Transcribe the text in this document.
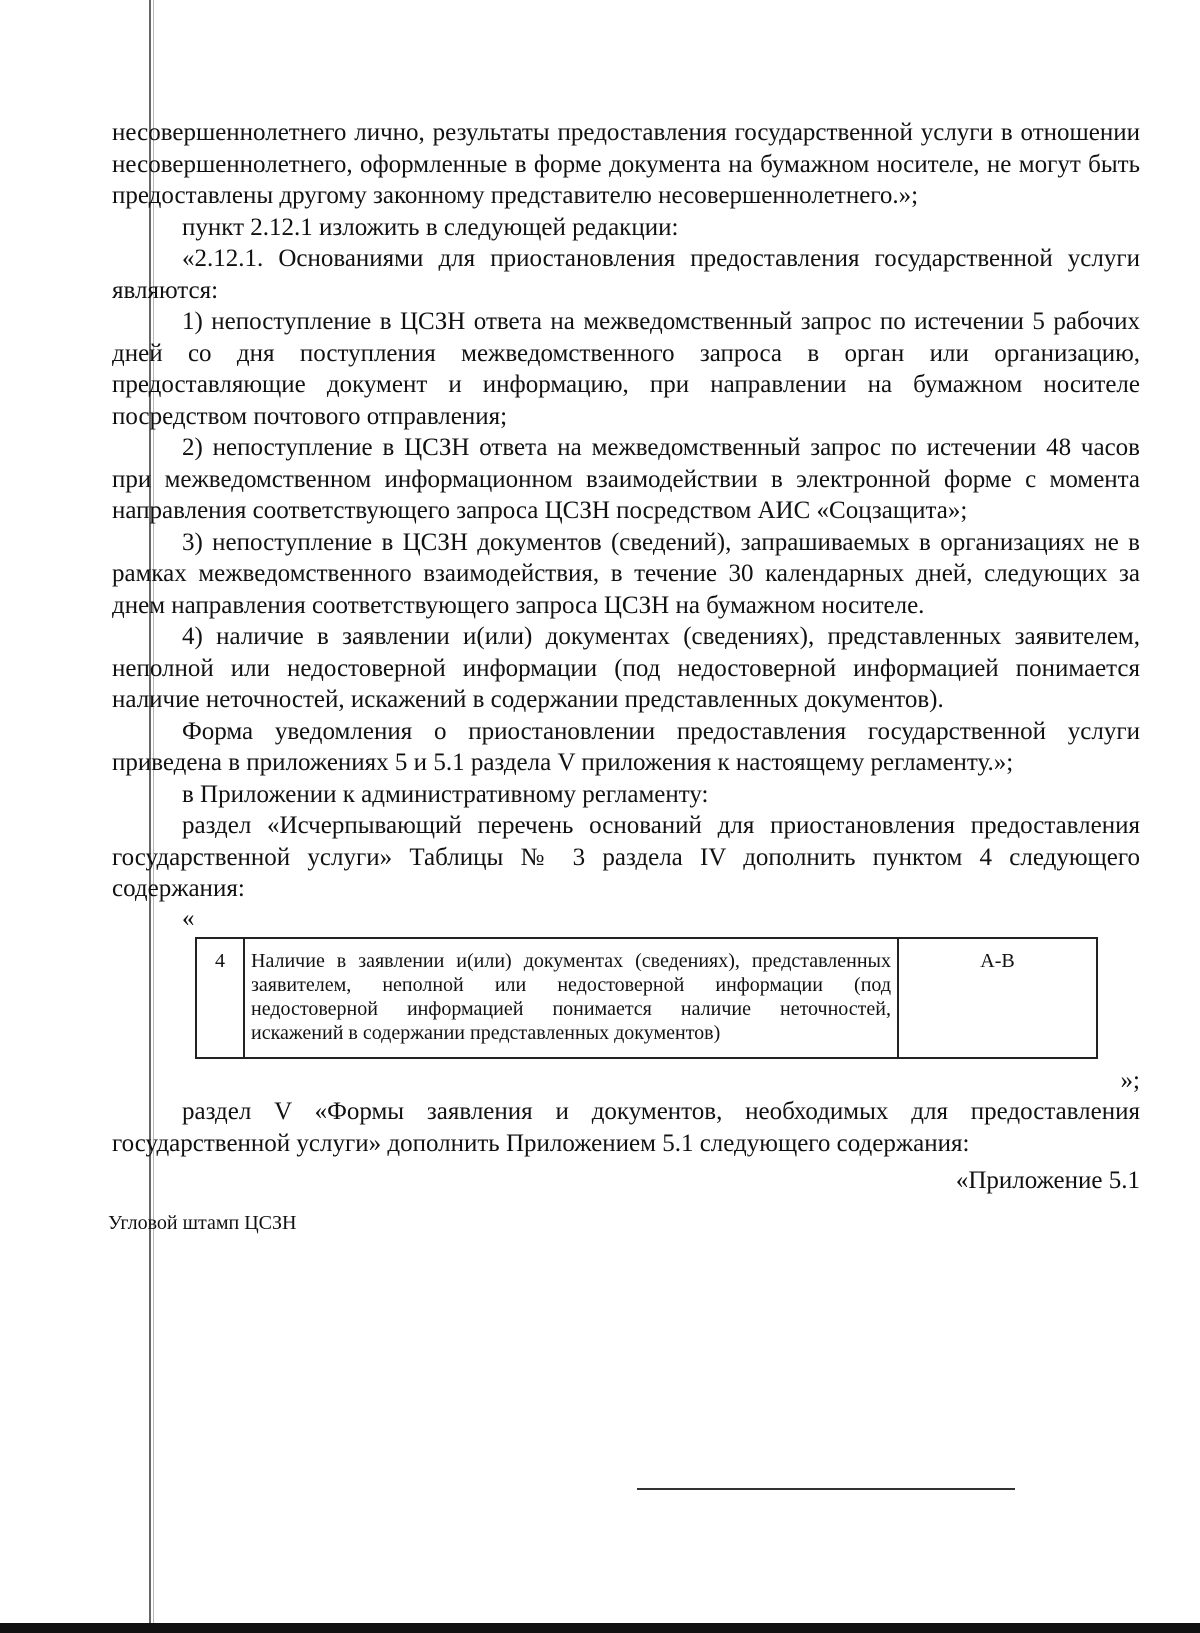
несовершеннолетнего лично, результаты предоставления государственной услуги в отношении несовершеннолетнего, оформленные в форме документа на бумажном носителе, не могут быть предоставлены другому законному представителю несовершеннолетнего.»;

пункт 2.12.1 изложить в следующей редакции:

«2.12.1. Основаниями для приостановления предоставления государственной услуги являются:

1) непоступление в ЦСЗН ответа на межведомственный запрос по истечении 5 рабочих дней со дня поступления межведомственного запроса в орган или организацию, предоставляющие документ и информацию, при направлении на бумажном носителе посредством почтового отправления;

2) непоступление в ЦСЗН ответа на межведомственный запрос по истечении 48 часов при межведомственном информационном взаимодействии в электронной форме с момента направления соответствующего запроса ЦСЗН посредством АИС «Соцзащита»;

3) непоступление в ЦСЗН документов (сведений), запрашиваемых в организациях не в рамках межведомственного взаимодействия, в течение 30 календарных дней, следующих за днем направления соответствующего запроса ЦСЗН на бумажном носителе.

4) наличие в заявлении и(или) документах (сведениях), представленных заявителем, неполной или недостоверной информации (под недостоверной информацией понимается наличие неточностей, искажений в содержании представленных документов).

Форма уведомления о приостановлении предоставления государственной услуги приведена в приложениях 5 и 5.1 раздела V приложения к настоящему регламенту.»;

в Приложении к административному регламенту:

раздел «Исчерпывающий перечень оснований для приостановления предоставления государственной услуги» Таблицы № 3 раздела IV дополнить пунктом 4 следующего содержания:

«

4	Наличие в заявлении и(или) документах (сведениях), представленных заявителем, неполной или недостоверной информации (под недостоверной информацией понимается наличие неточностей, искажений в содержании представленных документов)	А-В

»;

раздел V «Формы заявления и документов, необходимых для предоставления государственной услуги» дополнить Приложением 5.1 следующего содержания:

«Приложение 5.1

Угловой штамп ЦСЗН
